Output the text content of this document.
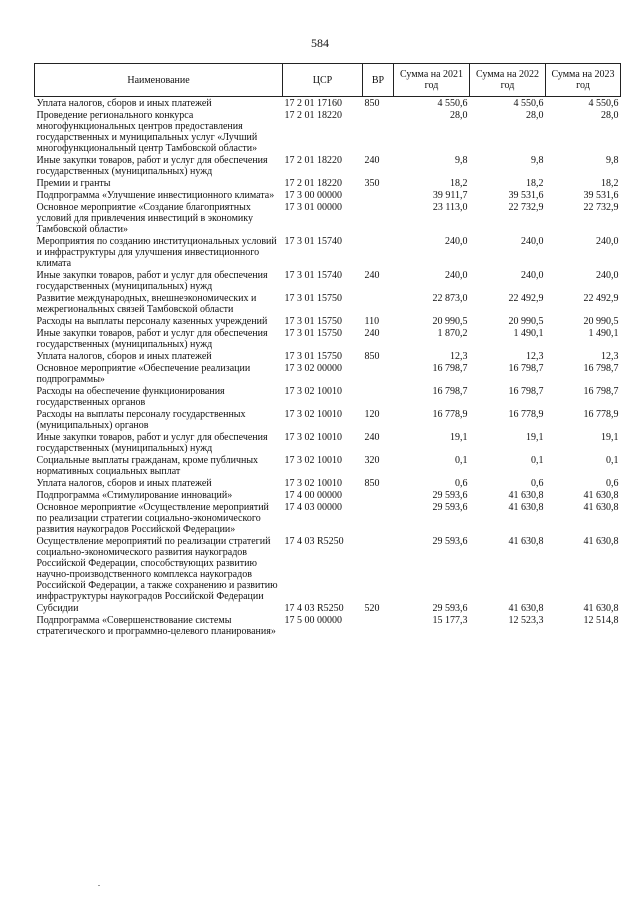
584
Наименование	ЦСР	ВР	Сумма на 2021 год	Сумма на 2022 год	Сумма на 2023 год
Уплата налогов, сборов и иных платежей	17 2 01 17160	850	4 550,6	4 550,6	4 550,6
Проведение регионального конкурса многофункциональных центров предоставления государственных и муниципальных услуг «Лучший многофункциональный центр Тамбовской области»	17 2 01 18220		28,0	28,0	28,0
Иные закупки товаров, работ и услуг для обеспечения государственных (муниципальных) нужд	17 2 01 18220	240	9,8	9,8	9,8
Премии и гранты	17 2 01 18220	350	18,2	18,2	18,2
Подпрограмма «Улучшение инвестиционного климата»	17 3 00 00000		39 911,7	39 531,6	39 531,6
Основное мероприятие «Создание благоприятных условий для привлечения инвестиций в экономику Тамбовской области»	17 3 01 00000		23 113,0	22 732,9	22 732,9
Мероприятия по созданию институциональных условий и инфраструктуры для улучшения инвестиционного климата	17 3 01 15740		240,0	240,0	240,0
Иные закупки товаров, работ и услуг для обеспечения государственных (муниципальных) нужд	17 3 01 15740	240	240,0	240,0	240,0
Развитие международных, внешнеэкономических и межрегиональных связей Тамбовской области	17 3 01 15750		22 873,0	22 492,9	22 492,9
Расходы на выплаты персоналу казенных учреждений	17 3 01 15750	110	20 990,5	20 990,5	20 990,5
Иные закупки товаров, работ и услуг для обеспечения государственных (муниципальных) нужд	17 3 01 15750	240	1 870,2	1 490,1	1 490,1
Уплата налогов, сборов и иных платежей	17 3 01 15750	850	12,3	12,3	12,3
Основное мероприятие «Обеспечение реализации подпрограммы»	17 3 02 00000		16 798,7	16 798,7	16 798,7
Расходы на обеспечение функционирования государственных органов	17 3 02 10010		16 798,7	16 798,7	16 798,7
Расходы на выплаты персоналу государственных (муниципальных) органов	17 3 02 10010	120	16 778,9	16 778,9	16 778,9
Иные закупки товаров, работ и услуг для обеспечения государственных (муниципальных) нужд	17 3 02 10010	240	19,1	19,1	19,1
Социальные выплаты гражданам, кроме публичных нормативных социальных выплат	17 3 02 10010	320	0,1	0,1	0,1
Уплата налогов, сборов и иных платежей	17 3 02 10010	850	0,6	0,6	0,6
Подпрограмма «Стимулирование инноваций»	17 4 00 00000		29 593,6	41 630,8	41 630,8
Основное мероприятие «Осуществление мероприятий по реализации стратегии социально-экономического развития наукоградов Российской Федерации»	17 4 03 00000		29 593,6	41 630,8	41 630,8
Осуществление мероприятий по реализации стратегий социально-экономического развития наукоградов Российской Федерации, способствующих развитию научно-производственного комплекса наукоградов Российской Федерации, а также сохранению и развитию инфраструктуры наукоградов Российской Федерации	17 4 03 R5250		29 593,6	41 630,8	41 630,8
Субсидии	17 4 03 R5250	520	29 593,6	41 630,8	41 630,8
Подпрограмма «Совершенствование системы стратегического и программно-целевого планирования»	17 5 00 00000		15 177,3	12 523,3	12 514,8
